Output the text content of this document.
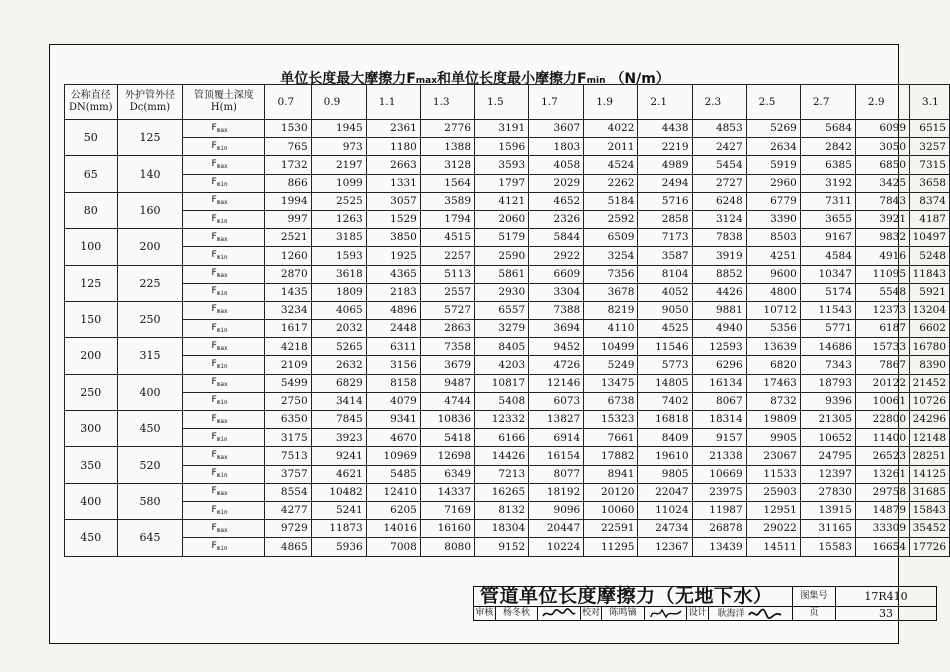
单位长度最大摩擦力Fmax和单位长度最小摩擦力Fmin （N/m）
公称直径
DN(mm)	外护管外径
Dc(mm)	管顶覆土深度
H(m)	0.7	0.9	1.1	1.3	1.5	1.7	1.9	2.1	2.3	2.5	2.7	2.9	3.1
50	125	$F_{max}$	1530	1945	2361	2776	3191	3607	4022	4438	4853	5269	5684	6099	6515
		$F_{min}$	765	973	1180	1388	1596	1803	2011	2219	2427	2634	2842	3050	3257
65	140	$F_{max}$	1732	2197	2663	3128	3593	4058	4524	4989	5454	5919	6385	6850	7315
		$F_{min}$	866	1099	1331	1564	1797	2029	2262	2494	2727	2960	3192	3425	3658
80	160	$F_{max}$	1994	2525	3057	3589	4121	4652	5184	5716	6248	6779	7311	7843	8374
		$F_{min}$	997	1263	1529	1794	2060	2326	2592	2858	3124	3390	3655	3921	4187
100	200	$F_{max}$	2521	3185	3850	4515	5179	5844	6509	7173	7838	8503	9167	9832	10497
		$F_{min}$	1260	1593	1925	2257	2590	2922	3254	3587	3919	4251	4584	4916	5248
125	225	$F_{max}$	2870	3618	4365	5113	5861	6609	7356	8104	8852	9600	10347	11095	11843
		$F_{min}$	1435	1809	2183	2557	2930	3304	3678	4052	4426	4800	5174	5548	5921
150	250	$F_{max}$	3234	4065	4896	5727	6557	7388	8219	9050	9881	10712	11543	12373	13204
		$F_{min}$	1617	2032	2448	2863	3279	3694	4110	4525	4940	5356	5771	6187	6602
200	315	$F_{max}$	4218	5265	6311	7358	8405	9452	10499	11546	12593	13639	14686	15733	16780
		$F_{min}$	2109	2632	3156	3679	4203	4726	5249	5773	6296	6820	7343	7867	8390
250	400	$F_{max}$	5499	6829	8158	9487	10817	12146	13475	14805	16134	17463	18793	20122	21452
		$F_{min}$	2750	3414	4079	4744	5408	6073	6738	7402	8067	8732	9396	10061	10726
300	450	$F_{max}$	6350	7845	9341	10836	12332	13827	15323	16818	18314	19809	21305	22800	24296
		$F_{min}$	3175	3923	4670	5418	6166	6914	7661	8409	9157	9905	10652	11400	12148
350	520	$F_{max}$	7513	9241	10969	12698	14426	16154	17882	19610	21338	23067	24795	26523	28251
		$F_{min}$	3757	4621	5485	6349	7213	8077	8941	9805	10669	11533	12397	13261	14125
400	580	$F_{max}$	8554	10482	12410	14337	16265	18192	20120	22047	23975	25903	27830	29758	31685
		$F_{min}$	4277	5241	6205	7169	8132	9096	10060	11024	11987	12951	13915	14879	15843
450	645	$F_{max}$	9729	11873	14016	16160	18304	20447	22591	24734	26878	29022	31165	33309	35452
		$F_{min}$	4865	5936	7008	8080	9152	10224	11295	12367	13439	14511	15583	16654	17726
管道单位长度摩擦力（无地下水）								图集号	17R410
审核	杨冬秋		校对	陈鸣镝		设计	耿海洋	页	33
